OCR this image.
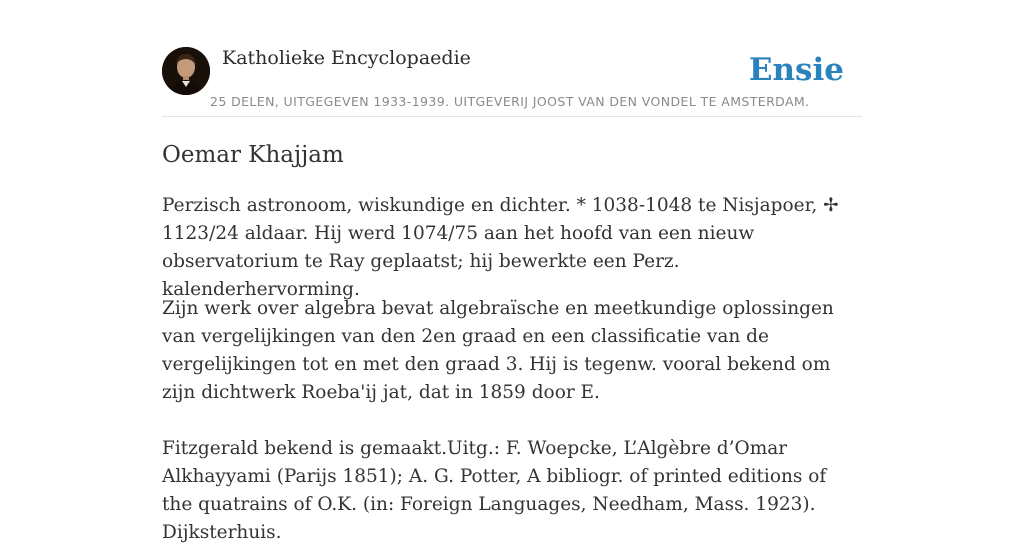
Katholieke Encyclopaedie
25 DELEN, UITGEGEVEN 1933-1939. UITGEVERIJ JOOST VAN DEN VONDEL TE AMSTERDAM.
Ensie
Oemar Khajjam

Perzisch astronoom, wiskundige en dichter. * 1038-1048 te Nisjapoer, ✢ 1123/24 aldaar. Hij werd 1074/75 aan het hoofd van een nieuw observatorium te Ray geplaatst; hij bewerkte een Perz. kalenderhervorming.

Zijn werk over algebra bevat algebraïsche en meetkundige oplossingen van vergelijkingen van den 2en graad en een classificatie van de vergelijkingen tot en met den graad 3. Hij is tegenw. vooral bekend om zijn dichtwerk Roeba'ij jat, dat in 1859 door E.

Fitzgerald bekend is gemaakt.Uitg.: F. Woepcke, L’Algèbre d’Omar Alkhayyami (Parijs 1851); A. G. Potter, A bibliogr. of printed editions of the quatrains of O.K. (in: Foreign Languages, Needham, Mass. 1923). Dijksterhuis.
